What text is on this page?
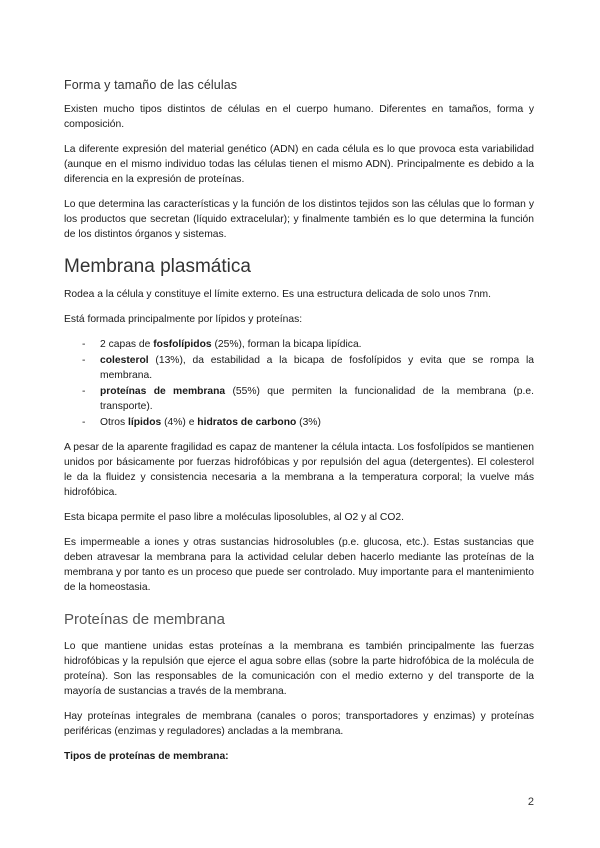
Forma y tamaño de las células

Existen mucho tipos distintos de células en el cuerpo humano. Diferentes en tamaños, forma y composición.

La diferente expresión del material genético (ADN) en cada célula es lo que provoca esta variabilidad (aunque en el mismo individuo todas las células tienen el mismo ADN). Principalmente es debido a la diferencia en la expresión de proteínas.

Lo que determina las características y la función de los distintos tejidos son las células que lo forman y los productos que secretan (líquido extracelular); y finalmente también es lo que determina la función de los distintos órganos y sistemas.

Membrana plasmática

Rodea a la célula y constituye el límite externo. Es una estructura delicada de solo unos 7nm.

Está formada principalmente por lípidos y proteínas:

- 2 capas de fosfolípidos (25%), forman la bicapa lipídica.
- colesterol (13%), da estabilidad a la bicapa de fosfolípidos y evita que se rompa la membrana.
- proteínas de membrana (55%) que permiten la funcionalidad de la membrana (p.e. transporte).
- Otros lípidos (4%) e hidratos de carbono (3%)

A pesar de la aparente fragilidad es capaz de mantener la célula intacta. Los fosfolípidos se mantienen unidos por básicamente por fuerzas hidrofóbicas y por repulsión del agua (detergentes). El colesterol le da la fluidez y consistencia necesaria a la membrana a la temperatura corporal; la vuelve más hidrofóbica.

Esta bicapa permite el paso libre a moléculas liposolubles, al O2 y al CO2.

Es impermeable a iones y otras sustancias hidrosolubles (p.e. glucosa, etc.). Estas sustancias que deben atravesar la membrana para la actividad celular deben hacerlo mediante las proteínas de la membrana y por tanto es un proceso que puede ser controlado. Muy importante para el mantenimiento de la homeostasia.

Proteínas de membrana

Lo que mantiene unidas estas proteínas a la membrana es también principalmente las fuerzas hidrofóbicas y la repulsión que ejerce el agua sobre ellas (sobre la parte hidrofóbica de la molécula de proteína). Son las responsables de la comunicación con el medio externo y del transporte de la mayoría de sustancias a través de la membrana.

Hay proteínas integrales de membrana (canales o poros; transportadores y enzimas) y proteínas periféricas (enzimas y reguladores) ancladas a la membrana.

Tipos de proteínas de membrana:

2
